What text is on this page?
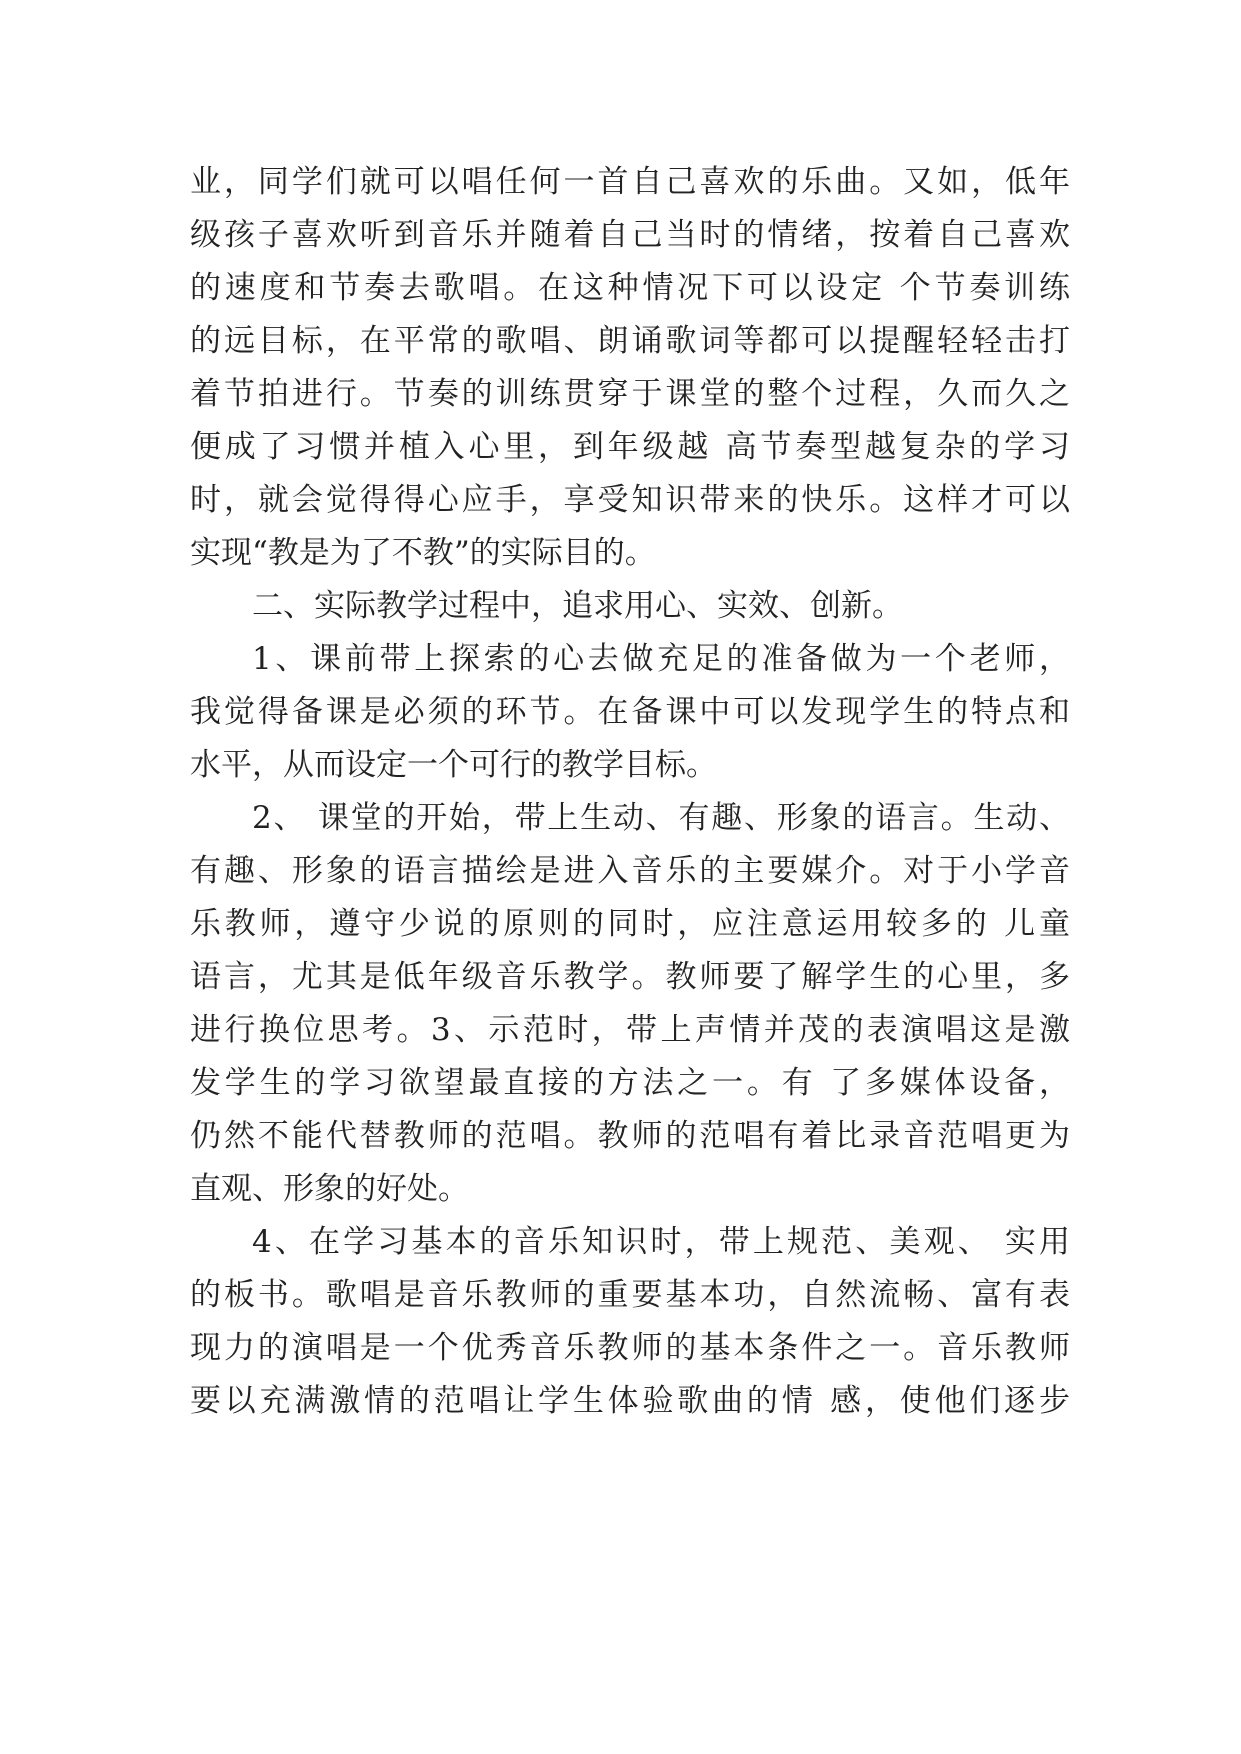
业，同学们就可以唱任何一首自己喜欢的乐曲。又如，低年
级孩子喜欢听到音乐并随着自己当时的情绪，按着自己喜欢
的速度和节奏去歌唱。在这种情况下可以设定 个节奏训练
的远目标，在平常的歌唱、朗诵歌词等都可以提醒轻轻击打
着节拍进行。节奏的训练贯穿于课堂的整个过程，久而久之
便成了习惯并植入心里，到年级越 高节奏型越复杂的学习
时，就会觉得得心应手，享受知识带来的快乐。这样才可以
实现“教是为了不教”的实际目的。
二、实际教学过程中，追求用心、实效、创新。
1、课前带上探索的心去做充足的准备做为一个老师，
我觉得备课是必须的环节。在备课中可以发现学生的特点和
水平，从而设定一个可行的教学目标。
2、 课堂的开始，带上生动、有趣、形象的语言。生动、
有趣、形象的语言描绘是进入音乐的主要媒介。对于小学音
乐教师，遵守少说的原则的同时，应注意运用较多的 儿童
语言，尤其是低年级音乐教学。教师要了解学生的心里，多
进行换位思考。3、示范时，带上声情并茂的表演唱这是激
发学生的学习欲望最直接的方法之一。有 了多媒体设备，
仍然不能代替教师的范唱。教师的范唱有着比录音范唱更为
直观、形象的好处。
4、在学习基本的音乐知识时，带上规范、美观、 实用
的板书。歌唱是音乐教师的重要基本功，自然流畅、富有表
现力的演唱是一个优秀音乐教师的基本条件之一。音乐教师
要以充满激情的范唱让学生体验歌曲的情 感，使他们逐步
